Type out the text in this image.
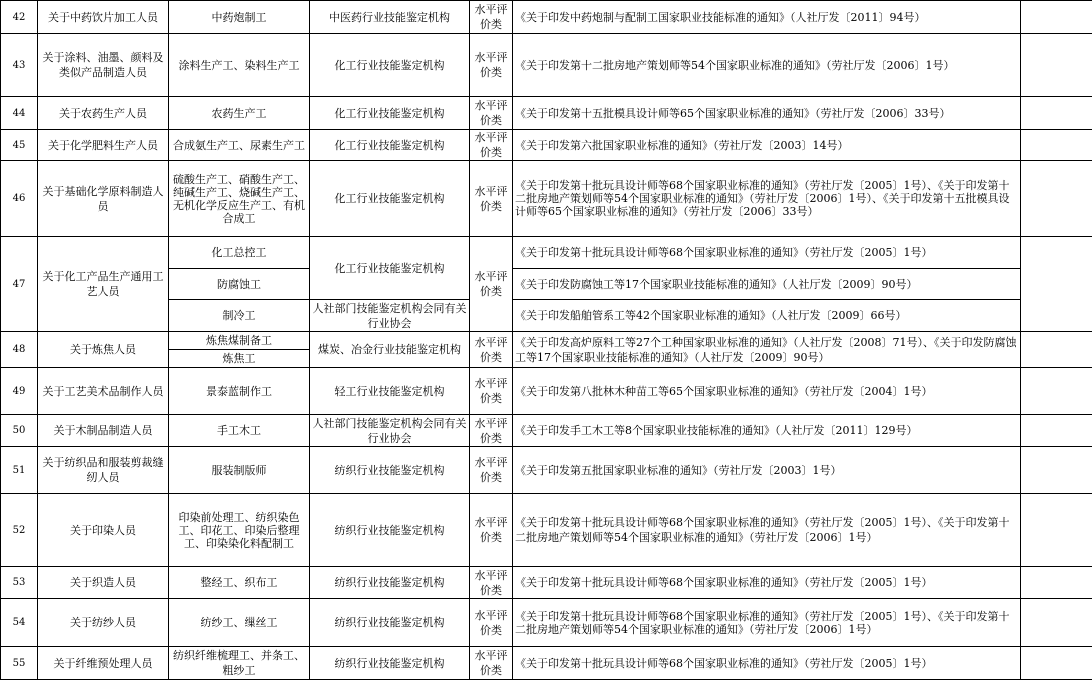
42	关于中药饮片加工人员	中药炮制工	中医药行业技能鉴定机构	水平评价类	《关于印发中药炮制与配制工国家职业技能标准的通知》（人社厅发〔2011〕94号）	
43	关于涂料、油墨、颜料及类似产品制造人员	涂料生产工、染料生产工	化工行业技能鉴定机构	水平评价类	《关于印发第十二批房地产策划师等54个国家职业标准的通知》（劳社厅发〔2006〕1号）	
44	关于农药生产人员	农药生产工	化工行业技能鉴定机构	水平评价类	《关于印发第十五批模具设计师等65个国家职业标准的通知》（劳社厅发〔2006〕33号）	
45	关于化学肥料生产人员	合成氨生产工、尿素生产工	化工行业技能鉴定机构	水平评价类	《关于印发第六批国家职业标准的通知》（劳社厅发〔2003〕14号）	
46	关于基础化学原料制造人员	硫酸生产工、硝酸生产工、纯碱生产工、烧碱生产工、无机化学反应生产工、有机合成工	化工行业技能鉴定机构	水平评价类	《关于印发第十批玩具设计师等68个国家职业标准的通知》（劳社厅发〔2005〕1号）、《关于印发第十二批房地产策划师等54个国家职业标准的通知》（劳社厅发〔2006〕1号）、《关于印发第十五批模具设计师等65个国家职业标准的通知》（劳社厅发〔2006〕33号）	
47	关于化工产品生产通用工艺人员	化工总控工	化工行业技能鉴定机构	水平评价类	《关于印发第十批玩具设计师等68个国家职业标准的通知》（劳社厅发〔2005〕1号）	
		防腐蚀工			《关于印发防腐蚀工等17个国家职业技能标准的通知》（人社厅发〔2009〕90号）	
		制冷工	人社部门技能鉴定机构会同有关行业协会		《关于印发船舶管系工等42个国家职业标准的通知》（人社厅发〔2009〕66号）	
48	关于炼焦人员	炼焦煤制备工	煤炭、冶金行业技能鉴定机构	水平评价类	《关于印发高炉原料工等27个工种国家职业标准的通知》（人社厅发〔2008〕71号）、《关于印发防腐蚀工等17个国家职业技能标准的通知》（人社厅发〔2009〕90号）	
		炼焦工				
49	关于工艺美术品制作人员	景泰蓝制作工	轻工行业技能鉴定机构	水平评价类	《关于印发第八批林木种苗工等65个国家职业标准的通知》（劳社厅发〔2004〕1号）	
50	关于木制品制造人员	手工木工	人社部门技能鉴定机构会同有关行业协会	水平评价类	《关于印发手工木工等8个国家职业技能标准的通知》（人社厅发〔2011〕129号）	
51	关于纺织品和服装剪裁缝纫人员	服装制版师	纺织行业技能鉴定机构	水平评价类	《关于印发第五批国家职业标准的通知》（劳社厅发〔2003〕1号）	
52	关于印染人员	印染前处理工、纺织染色工、印花工、印染后整理工、印染染化料配制工	纺织行业技能鉴定机构	水平评价类	《关于印发第十批玩具设计师等68个国家职业标准的通知》（劳社厅发〔2005〕1号）、《关于印发第十二批房地产策划师等54个国家职业标准的通知》（劳社厅发〔2006〕1号）	
53	关于织造人员	整经工、织布工	纺织行业技能鉴定机构	水平评价类	《关于印发第十批玩具设计师等68个国家职业标准的通知》（劳社厅发〔2005〕1号）	
54	关于纺纱人员	纺纱工、缫丝工	纺织行业技能鉴定机构	水平评价类	《关于印发第十批玩具设计师等68个国家职业标准的通知》（劳社厅发〔2005〕1号）、《关于印发第十二批房地产策划师等54个国家职业标准的通知》（劳社厅发〔2006〕1号）	
55	关于纤维预处理人员	纺织纤维梳理工、并条工、粗纱工	纺织行业技能鉴定机构	水平评价类	《关于印发第十批玩具设计师等68个国家职业标准的通知》（劳社厅发〔2005〕1号）	
